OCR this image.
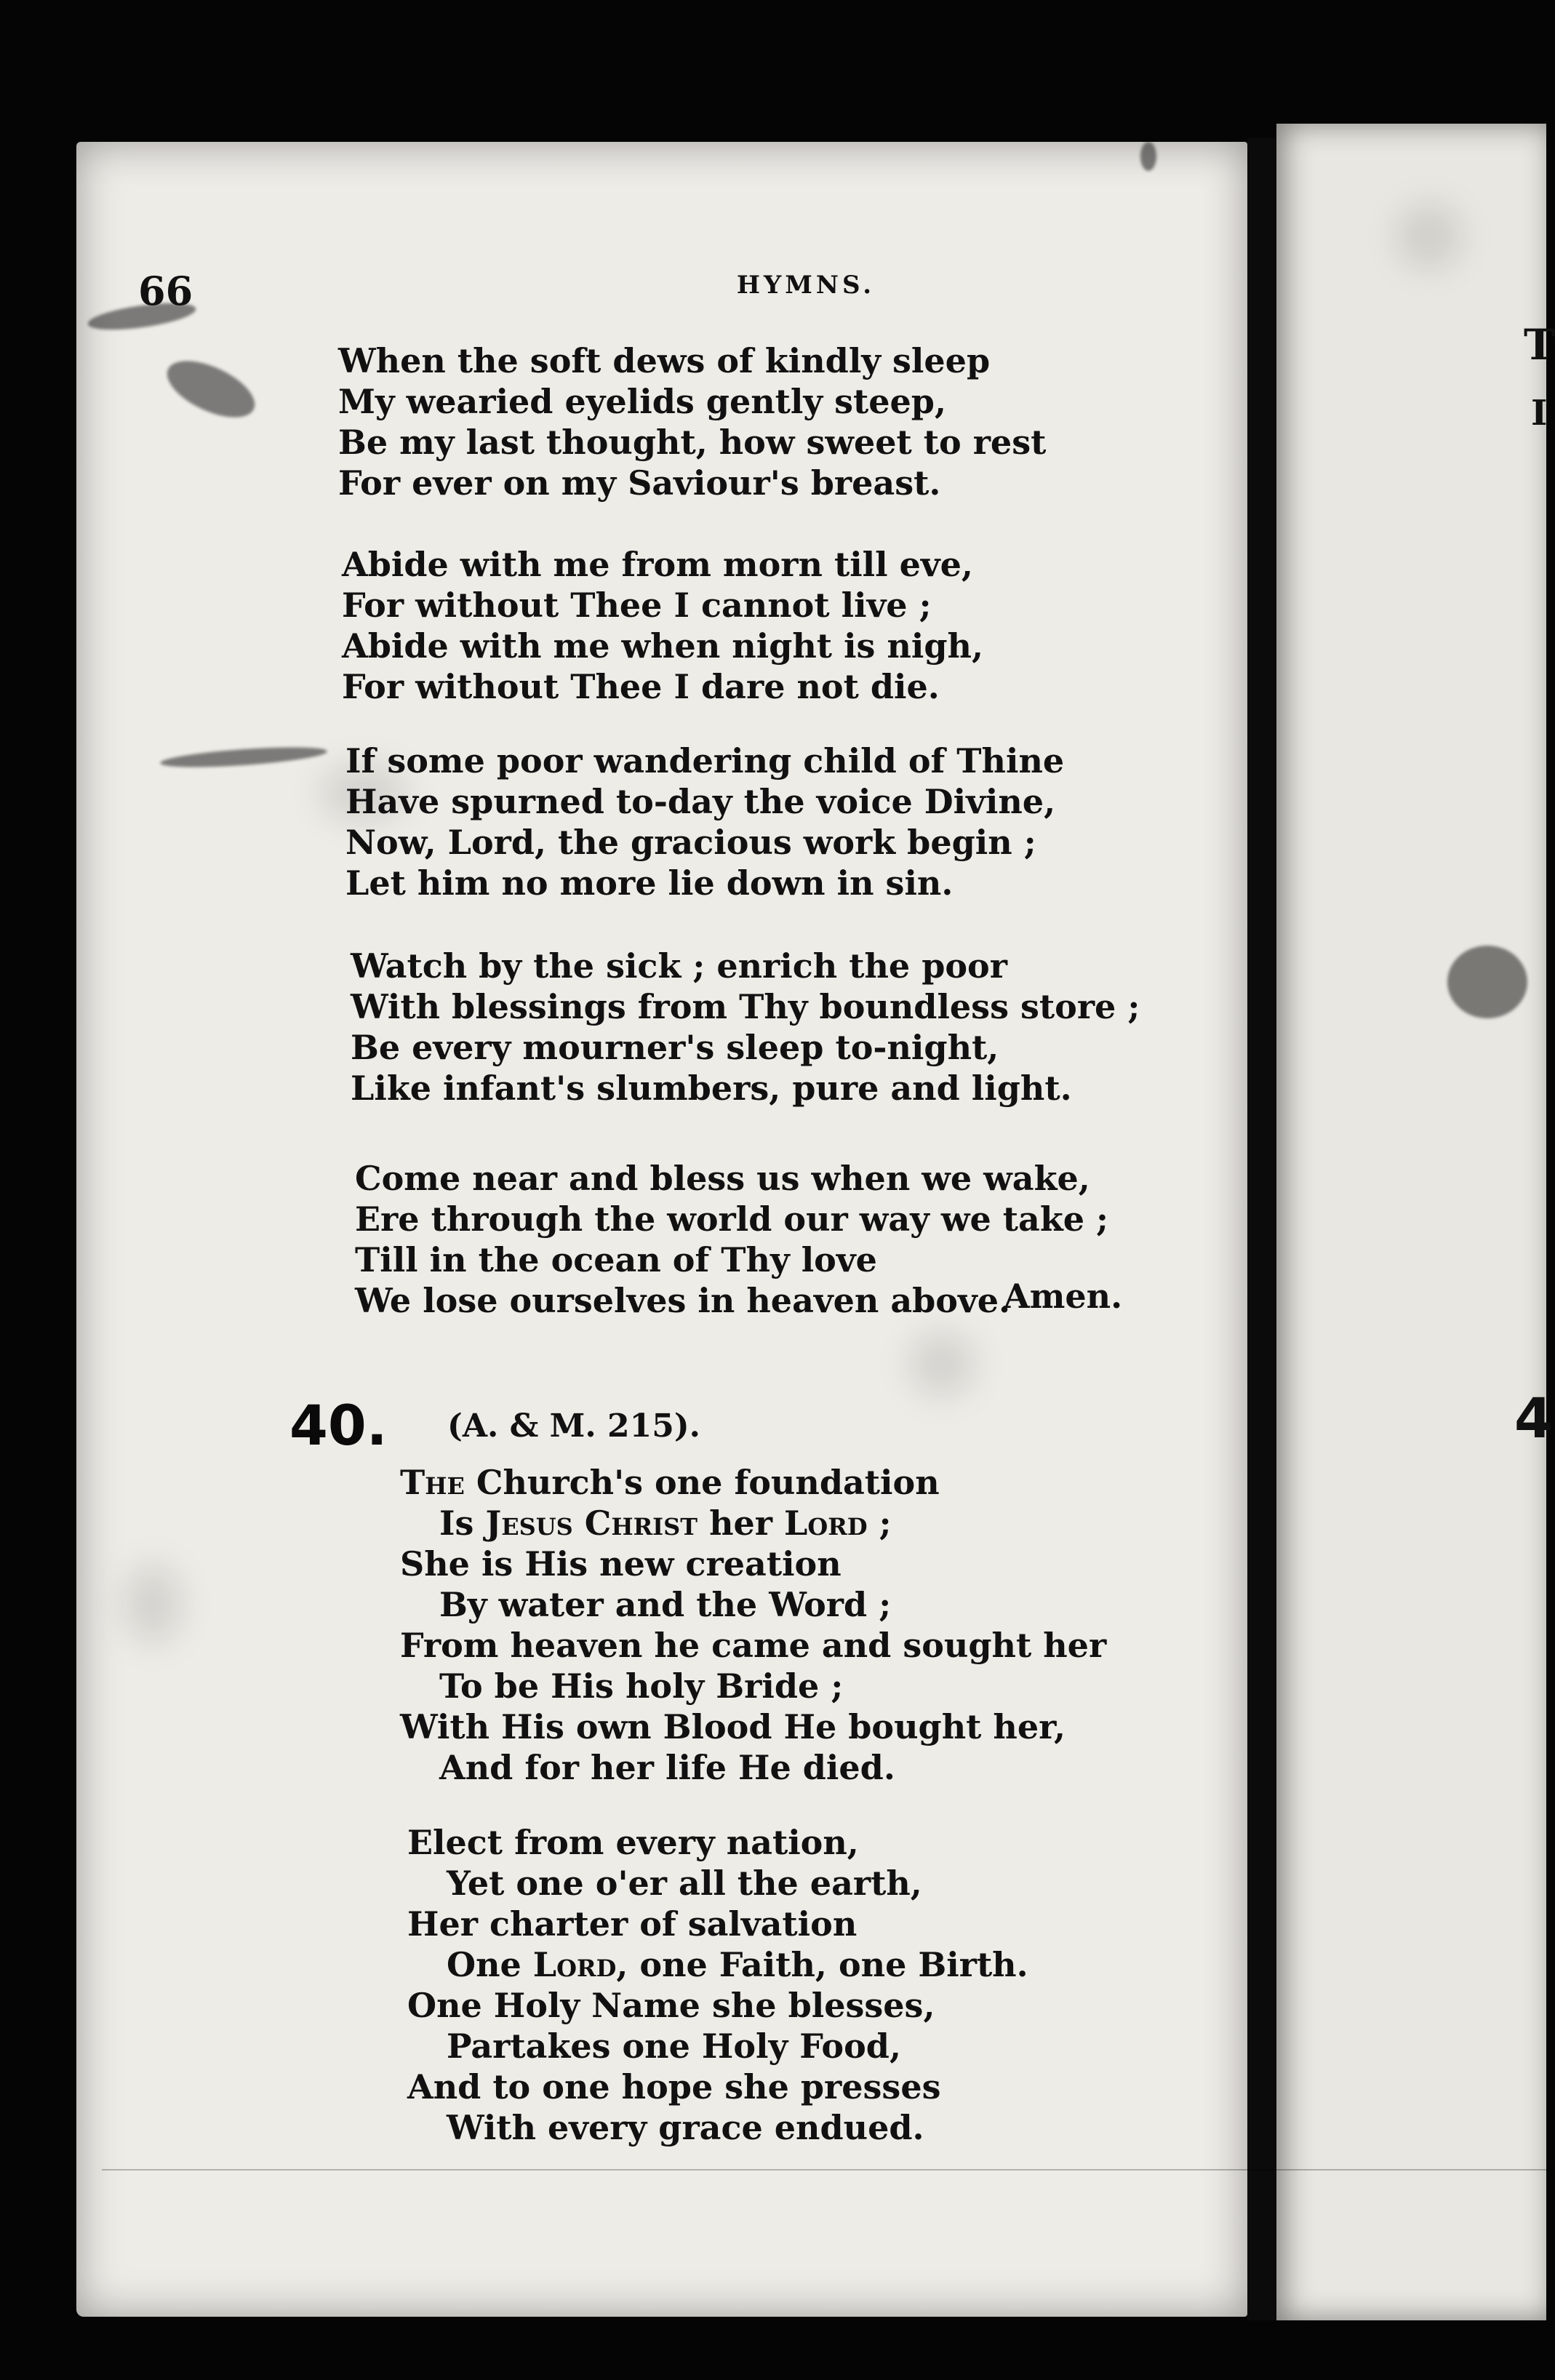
66	HYMNS.
When the soft dews of kindly sleep
My wearied eyelids gently steep,
Be my last thought, how sweet to rest
For ever on my Saviour's breast.
Abide with me from morn till eve,
For without Thee I cannot live ;
Abide with me when night is nigh,
For without Thee I dare not die.
If some poor wandering child of Thine
Have spurned to-day the voice Divine,
Now, Lord, the gracious work begin ;
Let him no more lie down in sin.
Watch by the sick ; enrich the poor
With blessings from Thy boundless store ;
Be every mourner's sleep to-night,
Like infant's slumbers, pure and light.
Come near and bless us when we wake,
Ere through the world our way we take ;
Till in the ocean of Thy love
We lose ourselves in heaven above.
Amen.
40. (A. & M. 215).
The Church's one foundation
Is Jesus Christ her Lord ;
She is His new creation
By water and the Word ;
From heaven he came and sought her
To be His holy Bride ;
With His own Blood He bought her,
And for her life He died.
Elect from every nation,
Yet one o'er all the earth,
Her charter of salvation
One Lord, one Faith, one Birth.
One Holy Name she blesses,
Partakes one Holy Food,
And to one hope she presses
With every grace endued.
T
I
4
